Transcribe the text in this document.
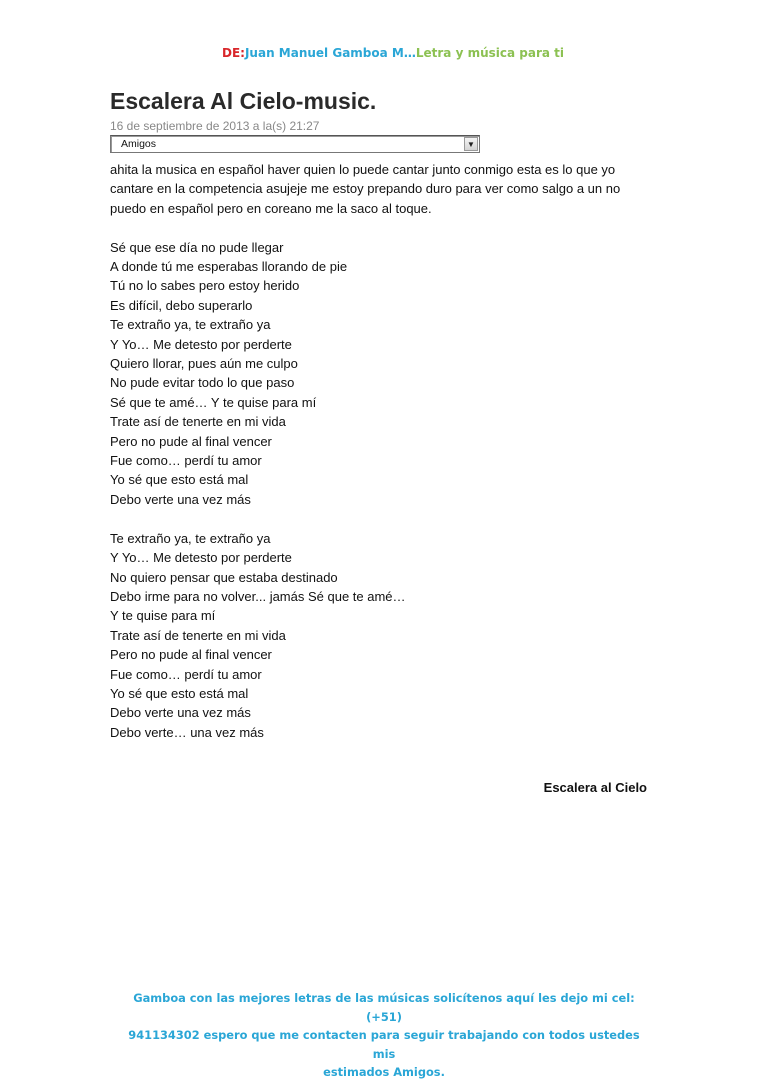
DE:Juan Manuel Gamboa M…Letra y música para ti
Escalera Al Cielo-music.
16 de septiembre de 2013 a la(s) 21:27
Amigos	▼
ahita la musica en español haver quien lo puede cantar junto conmigo esta es lo que yo
cantare en la competencia asujeje me estoy prepando duro para ver como salgo a un no
puedo en español pero en coreano me la saco al toque.
Sé que ese día no pude llegar
A donde tú me esperabas llorando de pie
Tú no lo sabes pero estoy herido
Es difícil, debo superarlo
Te extraño ya, te extraño ya
Y Yo… Me detesto por perderte
Quiero llorar, pues aún me culpo
No pude evitar todo lo que paso
Sé que te amé… Y te quise para mí
Trate así de tenerte en mi vida
Pero no pude al final vencer
Fue como… perdí tu amor
Yo sé que esto está mal
Debo verte una vez más
Te extraño ya, te extraño ya
Y Yo… Me detesto por perderte
No quiero pensar que estaba destinado
Debo irme para no volver... jamás Sé que te amé…
Y te quise para mí
Trate así de tenerte en mi vida
Pero no pude al final vencer
Fue como… perdí tu amor
Yo sé que esto está mal
Debo verte una vez más
Debo verte… una vez más
Escalera al Cielo
Gamboa con las mejores letras de las músicas solicítenos aquí les dejo mi cel: (+51)
941134302 espero que me contacten para seguir trabajando con todos ustedes mis
estimados Amigos.
